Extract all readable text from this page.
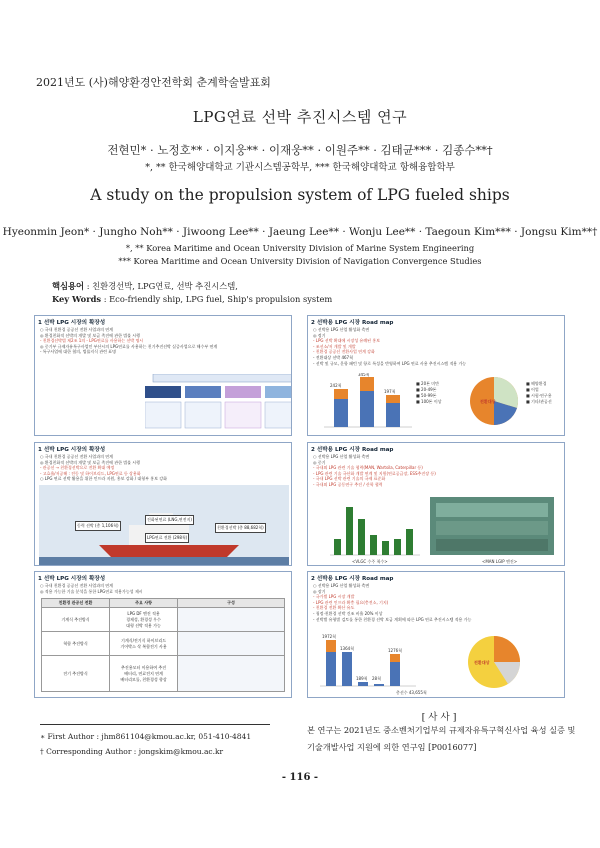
2021년도 (사)해양환경안전학회 춘계학술발표회
LPG연료 선박 추진시스템 연구
전현민* · 노정호** · 이지웅** · 이재웅** · 이원주** · 김태균*** · 김종수**†
*, ** 한국해양대학교 기관시스템공학부, *** 한국해양대학교 항해융합학부
A study on the propulsion system of LPG fueled ships
Hyeonmin Jeon* · Jungho Noh** · Jiwoong Lee** · Jaeung Lee** · Wonju Lee** · Taegoun Kim*** · Jongsu Kim**†
*, ** Korea Maritime and Ocean University Division of Marine System Engineering
*** Korea Maritime and Ocean University Division of Navigation Convergence Studies
핵심용어 : 친환경선박, LPG연료, 선박 추진시스템,
Key Words : Eco-friendly ship, LPG fuel, Ship's propulsion system
1 선박 LPG 시장의 확장성
○ 국내 친환경 공공선 전환 사업과의 연계
◎ 환경친화적 선박의 개발 및 보급 촉진에 관한 법률 시행
- 친환경선박법 제2조 1의 - LPG연료를 사용하는 선박 명시
◎ 중기부 규제자유특구사업인 부산시의 LPG연료를 사용하는 친기추진선박 실증사업으로 해수부 연계
- 특구사업에 대한 협의, 법률지식 관련 표명
2 선박용 LPG 시장 Road map
○ 선박용 LPG 산업 활성화 측면
◎ 정기
- LPG 선박 확대에 시장성 유례된 홍보
- 조선소/저 개발 및 개발
- 친환경 공공선 전환사업 연계 강화
- 전환대상 선박 467척
- 선박 및 규모, 운항 패턴 및 항로 특성을 반영하여 LPG 연료 사용 추진시스템 적용 가능
242척
345척
197척
■ 20톤 미만
■ 20-49톤
■ 50-99톤
■ 100톤 이상	전환대상
■ 해양환경
■ 어업
■ 시험·연구용
■ 기타/관공선
1 선박 LPG 시장의 확장성
○ 국내 친환경 공공선 전환 사업과의 연계
◎ 환경친화적 선박의 개발 및 보급 촉진에 관한 법률 시행
- 관공선 → 친환경선박으로 전환 확대 예정
- 고효율/저공해 : 전동 및 하이브리드, LPG연료 등 상용화
○ LPG 연료 선박 활용을 위한 인프라 지원, 홍보 강화 / 대형부 홍보 강화
동력 선박 (총 1,106척)
진화된연료 (LNG,연전지)
LPG연료 전환 (298척)
친환경선박 (총 88,682척)
2 선박용 LPG 시장 Road map
○ 선박용 LPG 산업 활성화 측면
◎ 중기
- 국내외 LPG 관련 기술 협력(MAN, Wartsila, Caterpillar 등)
- LPG 관련 기술 국산화 개발 연계 및 지원(연료공급장, ESS추진장 등)
- 국내 LPG 선박 관련 기술의 국제 표준화
- 국내외 LPG 공동연구 추진 / 산학 협력
<VLGC 수주 척수>	<MAN LGIP 엔진>
1 선박 LPG 시장의 확장성
○ 국내 친환경 공공선 전환 사업과의 연계
◎ 적용 가능한 기술 분석을 통한 LPG연료 적용가능성 제시
친환경 관공선 전환	주요 사항	구성
기계식 추진방식	LPG DF 엔진 적용
경제성, 환경성 우수
대형 선박 적용 가능	
혁합 추진방식	기계식/전기식 하이브리드
기어박스 삭 복합전기 사용	
전기 추진방식	추진용모터 이용하여 추진
배터리, 연료전지 연계
배터리모듈, 친환경성 향상	
2 선박용 LPG 시장 Road map
○ 선박용 LPG 산업 활성화 측면
◎ 장기
- 국가별 LPG 시장 개발
- LPG 관련 인프라 확충 필요(충전소, 기지)
- 친환경 전환 확산 유도
- 청정·친환경 선박 건조 비율 20% 이상
- 선박별 유형별 검토를 통한 친환경 선박 보급 계획에 따른 LPG 연료 추진시스템 적용 가능
1972척
1364척	1276척
189척 28척
총선수 43,655척
전환대상
∗ First Author : jhm861104@kmou.ac.kr, 051-410-4841
† Corresponding Author : jongskim@kmou.ac.kr
[ 사 사 ]
본 연구는 2021년도 중소벤처기업부의 규제자유특구혁신사업 육성 실증 및 기술개발사업 지원에 의한 연구임 [P0016077]
- 116 -
